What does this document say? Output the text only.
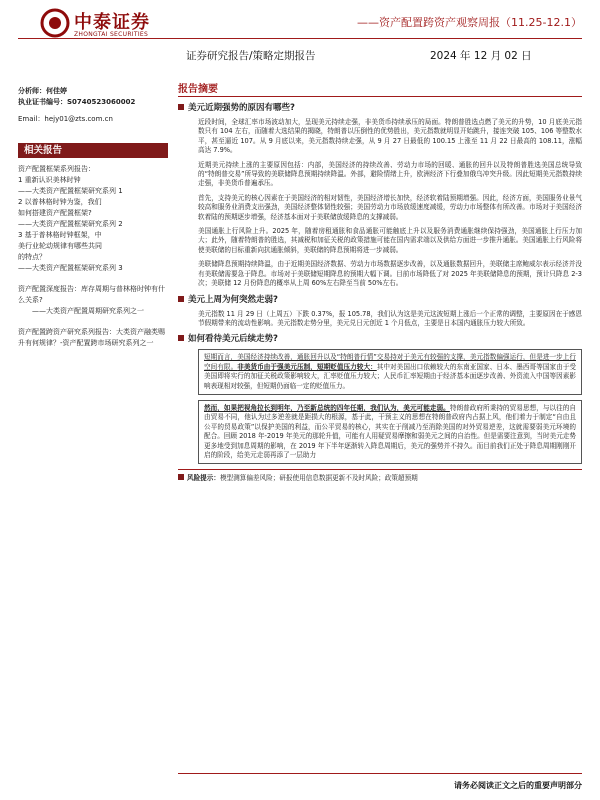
中泰证券
ZHONGTAI SECURITIES
——资产配置跨资产观察周报（11.25-12.1）
证券研究报告/策略定期报告	2024 年 12 月 02 日
分析师：何佳婷
执业证书编号：S0740523060002
Email：hejy01@zts.com.cn
相关报告
资产配置框架系列报告：
1 重新认识美林时钟
——大类资产配置框架研究系列 1
2 以普林格时钟为鉴，我们
如何搭建资产配置框架?
——大类资产配置框架研究系列 2
3 基于普林格时钟框架，中
美行业轮动规律有哪些共同
的特点？
——大类资产配置框架研究系列 3
资产配置深度报告：库存周期与普林格时钟有什么关系?
——大类资产配置周期研究系列之一
资产配置跨资产研究系列报告：大类资产融类赐升有何规律？-资产配置跨市场研究系列之一
报告摘要
美元近期强势的原因有哪些?
近段时间，全球汇率市场波动加大，呈现美元持续走强，非美货币持续承压的局面。特朗普胜选点燃了美元的升势，10 月底美元指数只有 104 左右，而随着大选结果的揭晓，特朗普以压倒性的优势胜出，美元指数就明显开始跳升，接连突破 105、106 等整数水平，甚至逼近 107。从 9 月底以来，美元指数持续走强，从 9 月 27 日最低的 100.15 上涨至 11 月 22 日最高的 108.11，涨幅高达 7.9%。
近期美元持续上涨的主要原因包括：内部，美国经济的持续改善、劳动力市场的回暖、通胀的回升以及特朗普胜选美国总统导致的“特朗普交易”所导致的美联储降息预期持续降温。外部，避险情绪上升，欧洲经济下行叠加俄乌冲突升级。因此短期美元指数持续走强，非美货币普遍承压。
首先，支持美元的核心因素在于美国经济的相对韧性，美国经济增长加快，经济软着陆预期增强。因此，经济方面，美国服务业景气较高和服务业消费支出强劲，美国经济整体韧性较强；美国劳动力市场放缓速度减缓，劳动力市场整体有所改善。市场对于美国经济软着陆的预期逐步增强，经济基本面对于美联储放缓降息的支撑减弱。
美国通胀上行风险上升。2025 年，随着房租通胀和食品通胀可能触底上升以及服务消费通胀继续保持强劲，美国通胀上行压力加大；此外，随着特朗普的胜选，其减税和加征关税的政策措施可能在国内需求端以及供给方面进一步推升通胀。美国通胀上行风险将使美联储的目标重新向抗通胀倾斜，美联储的降息预期将进一步减弱。
美联储降息预期持续降温，由于近期美国经济数据、劳动力市场数据逐步改善，以及通胀数据回升，美联储主席鲍威尔表示经济并没有美联储需要急于降息。市场对于美联储短期降息的预期大幅下调。目前市场降低了对 2025 年美联储降息的预期，预计只降息 2-3 次；美联储 12 月份降息的概率从上周 60%左右降至当前 50%左右。
美元上周为何突然走弱?
美元指数 11 月 29 日（上周五）下跌 0.37%，报 105.78，我们认为这是美元这波短期上涨后一个正常的调整，主要原因在于感恩节假期带来的流动性影响。美元指数走势分里，美元兑日元创近 1 个月低点，主要是日本国内通胀压力较大所致。
如何看待美元后续走势?
短期而言，美国经济持续改善，通胀回升以及“特朗普行情”交易持对于美元有较强的支撑，美元指数偏强运行，但是进一步上行空间有限。非美货币由于强美元压制，短期贬值压力较大：其中对美国出口依赖较大的东南亚国家、日本、墨西哥等国家由于受美国即将实行的加征关税政策影响较大，汇率贬值压力较大；人民币汇率短期由于经济基本面逐步改善、外资流入中国等因素影响表现相对较强，但短期仍面临一定的贬值压力。
然而，如果把视角拉长到明年，乃至新总统的四年任期，我们认为，美元可能走弱。特朗普政府所秉持的贸易思想，与以往的自由贸易不同，他认为过多逆差就是距损大的根源，基于此，干预主义的思想在特朗普政府内占据上风，他们着力于制定“自由且公平的贸易政策”以保护美国的利益，而公平贸易的核心，其实在于削减乃至消除美国的对外贸易逆差，这就需要弱美元环境的配合。回顾 2018 年-2019 年美元的那轮升值，可能有人用疑贸易摩擦和弱美元之间的自治性。但是需要注意到，当时美元走势更多地受到加息周期的影响，在 2019 年下半年逐渐转入降息周期后，美元的强势并不持久。而目前我们正处于降息周期刚刚开启的阶段，给美元走弱再添了一层助力
风险提示：模型测算偏差风险；研报使用信息数据更新不及时风险；政策超预期
请务必阅读正文之后的重要声明部分
